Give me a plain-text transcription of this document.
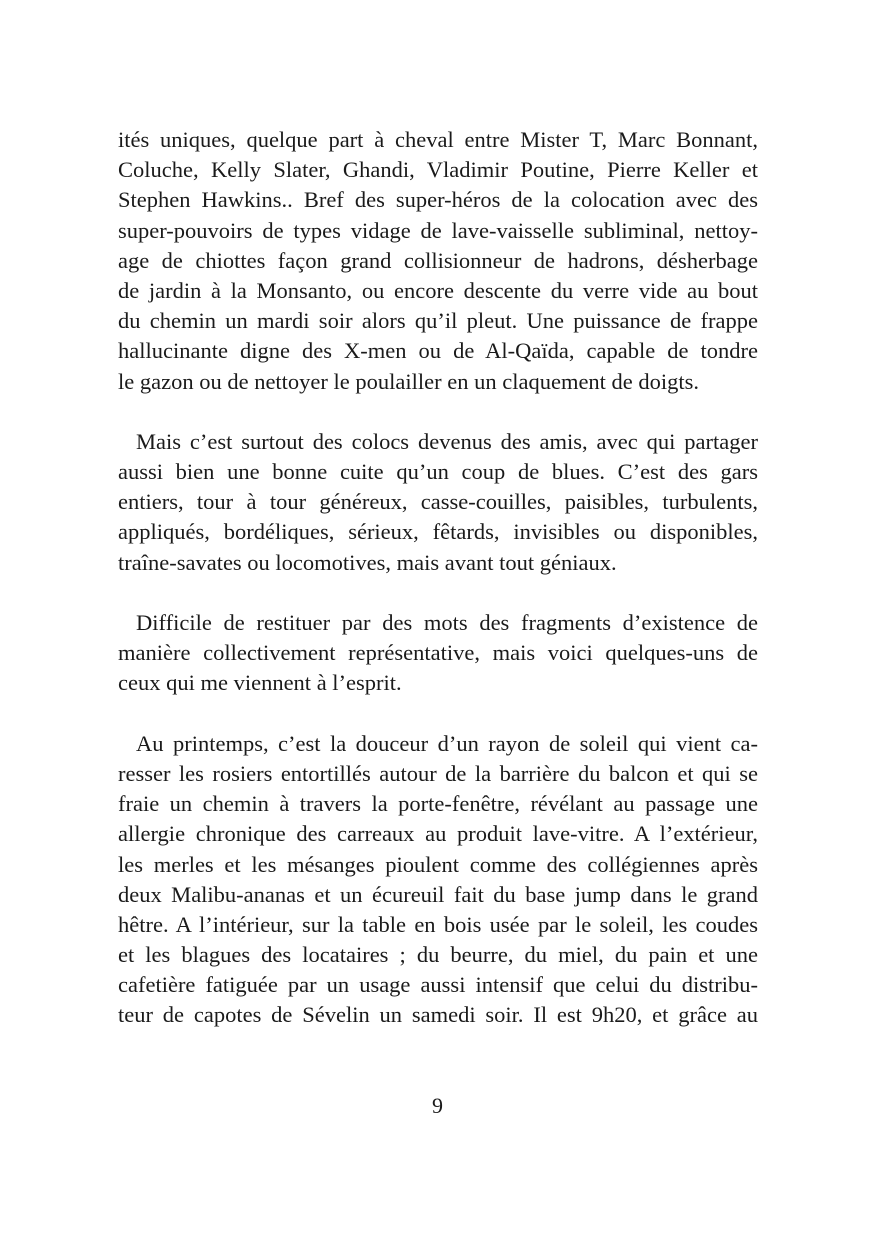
ités uniques, quelque part à cheval entre Mister T, Marc Bonnant,
Coluche, Kelly Slater, Ghandi, Vladimir Poutine, Pierre Keller et
Stephen Hawkins.. Bref des super-héros de la colocation avec des
super-pouvoirs de types vidage de lave-vaisselle subliminal, nettoy-
age de chiottes façon grand collisionneur de hadrons, désherbage
de jardin à la Monsanto, ou encore descente du verre vide au bout
du chemin un mardi soir alors qu’il pleut. Une puissance de frappe
hallucinante digne des X-men ou de Al-Qaïda, capable de tondre
le gazon ou de nettoyer le poulailler en un claquement de doigts.
Mais c’est surtout des colocs devenus des amis, avec qui partager
aussi bien une bonne cuite qu’un coup de blues. C’est des gars
entiers, tour à tour généreux, casse-couilles, paisibles, turbulents,
appliqués, bordéliques, sérieux, fêtards, invisibles ou disponibles,
traîne-savates ou locomotives, mais avant tout géniaux.
Difficile de restituer par des mots des fragments d’existence de
manière collectivement représentative, mais voici quelques-uns de
ceux qui me viennent à l’esprit.
Au printemps, c’est la douceur d’un rayon de soleil qui vient ca-
resser les rosiers entortillés autour de la barrière du balcon et qui se
fraie un chemin à travers la porte-fenêtre, révélant au passage une
allergie chronique des carreaux au produit lave-vitre. A l’extérieur,
les merles et les mésanges pioulent comme des collégiennes après
deux Malibu-ananas et un écureuil fait du base jump dans le grand
hêtre. A l’intérieur, sur la table en bois usée par le soleil, les coudes
et les blagues des locataires ; du beurre, du miel, du pain et une
cafetière fatiguée par un usage aussi intensif que celui du distribu-
teur de capotes de Sévelin un samedi soir. Il est 9h20, et grâce au
9
